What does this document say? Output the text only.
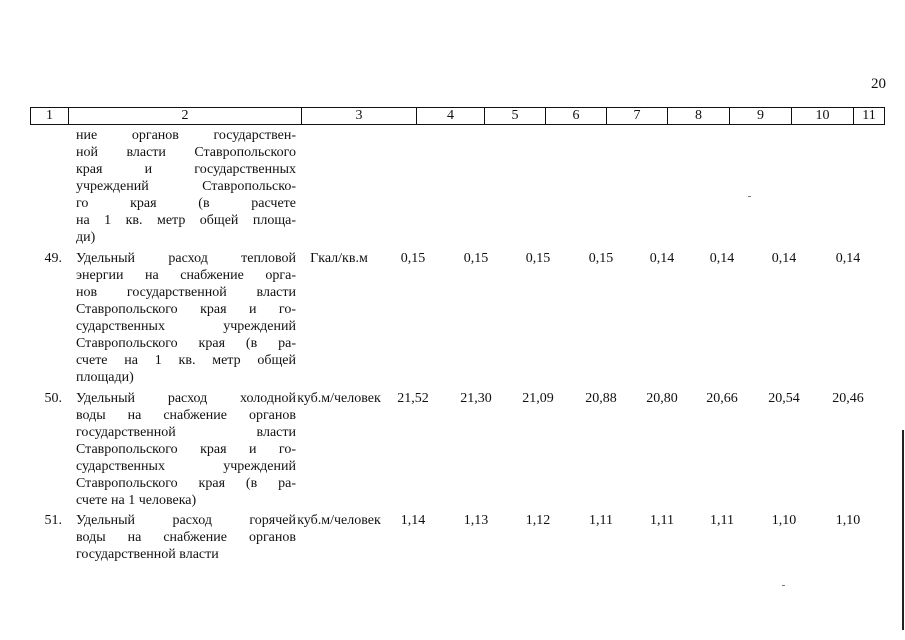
20
1	2	3	4	5	6	7	8	9	10	11
ние органов государствен-
ной власти Ставропольского
края и государственных
учреждений Ставропольско-
го края (в расчете
на 1 кв. метр общей площа-
ди)
49. Удельный расход тепловой
энергии на снабжение орга-
нов государственной власти
Ставропольского края и го-
сударственных учреждений
Ставропольского края (в ра-
счете на 1 кв. метр общей
площади)
Гкал/кв.м	0,15	0,15	0,15	0,15	0,14	0,14	0,14	0,14
50. Удельный расход холодной
воды на снабжение органов
государственной власти
Ставропольского края и го-
сударственных учреждений
Ставропольского края (в ра-
счете на 1 человека)
куб.м/человек	21,52	21,30	21,09	20,88	20,80	20,66	20,54	20,46
51. Удельный расход горячей
воды на снабжение органов
государственной власти
куб.м/человек	1,14	1,13	1,12	1,11	1,11	1,11	1,10	1,10
